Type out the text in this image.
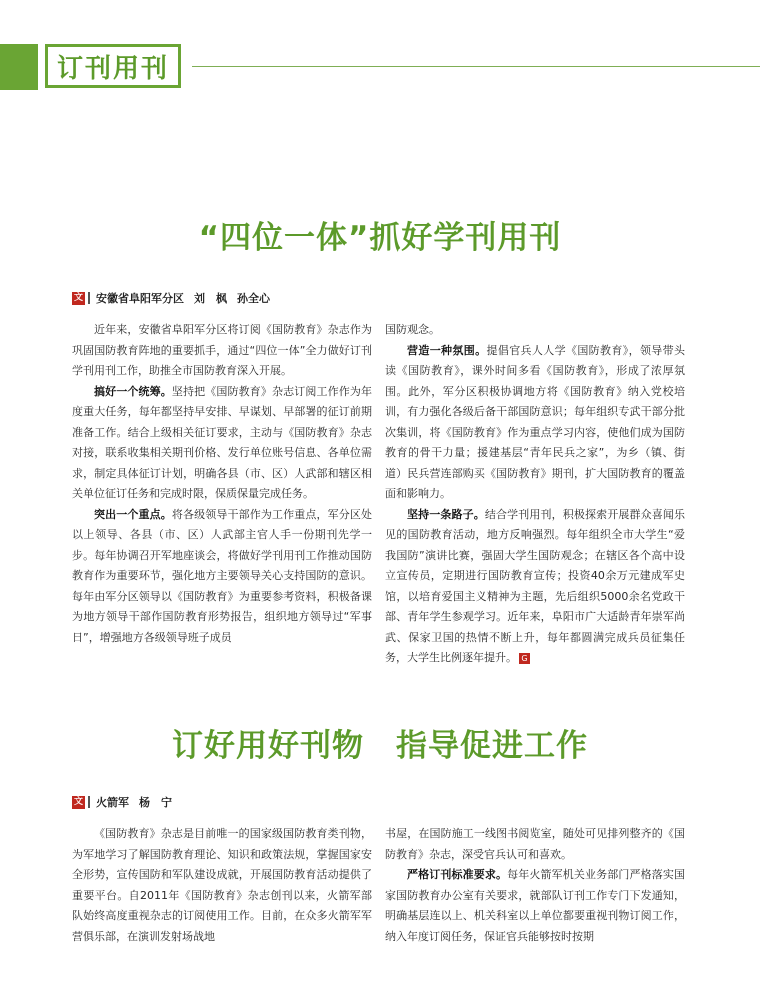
订刊用刊
“四位一体”抓好学刊用刊
文 安徽省阜阳军分区 刘　枫 孙全心

近年来，安徽省阜阳军分区将订阅《国防教育》杂志作为巩固国防教育阵地的重要抓手，通过“四位一体”全力做好订刊学刊用刊工作，助推全市国防教育深入开展。

搞好一个统筹。坚持把《国防教育》杂志订阅工作作为年度重大任务，每年都坚持早安排、早谋划、早部署的征订前期准备工作。结合上级相关征订要求，主动与《国防教育》杂志对接，联系收集相关期刊价格、发行单位账号信息、各单位需求，制定具体征订计划，明确各县（市、区）人武部和辖区相关单位征订任务和完成时限，保质保量完成任务。

突出一个重点。将各级领导干部作为工作重点，军分区处以上领导、各县（市、区）人武部主官人手一份期刊先学一步。每年协调召开军地座谈会，将做好学刊用刊工作推动国防教育作为重要环节，强化地方主要领导关心支持国防的意识。每年由军分区领导以《国防教育》为重要参考资料，积极备课为地方领导干部作国防教育形势报告，组织地方领导过“军事日”，增强地方各级领导班子成员

国防观念。

营造一种氛围。提倡官兵人人学《国防教育》，领导带头读《国防教育》，课外时间多看《国防教育》，形成了浓厚氛围。此外，军分区积极协调地方将《国防教育》纳入党校培训，有力强化各级后备干部国防意识；每年组织专武干部分批次集训，将《国防教育》作为重点学习内容，使他们成为国防教育的骨干力量；援建基层“青年民兵之家”，为乡（镇、街道）民兵营连部购买《国防教育》期刊，扩大国防教育的覆盖面和影响力。

坚持一条路子。结合学刊用刊，积极探索开展群众喜闻乐见的国防教育活动，地方反响强烈。每年组织全市大学生“爱我国防”演讲比赛，强固大学生国防观念；在辖区各个高中设立宣传员，定期进行国防教育宣传；投资40余万元建成军史馆，以培育爱国主义精神为主题，先后组织5000余名党政干部、青年学生参观学习。近年来，阜阳市广大适龄青年崇军尚武、保家卫国的热情不断上升，每年都圆满完成兵员征集任务，大学生比例逐年提升。 G

订好用好刊物　指导促进工作
文 火箭军 杨　宁

《国防教育》杂志是目前唯一的国家级国防教育类刊物，为军地学习了解国防教育理论、知识和政策法规，掌握国家安全形势，宣传国防和军队建设成就，开展国防教育活动提供了重要平台。自2011年《国防教育》杂志创刊以来，火箭军部队始终高度重视杂志的订阅使用工作。目前，在众多火箭军军营俱乐部，在演训发射场战地

书屋，在国防施工一线图书阅览室，随处可见排列整齐的《国防教育》杂志，深受官兵认可和喜欢。

严格订刊标准要求。每年火箭军机关业务部门严格落实国家国防教育办公室有关要求，就部队订刊工作专门下发通知，明确基层连以上、机关科室以上单位都要重视刊物订阅工作，纳入年度订阅任务，保证官兵能够按时按期
